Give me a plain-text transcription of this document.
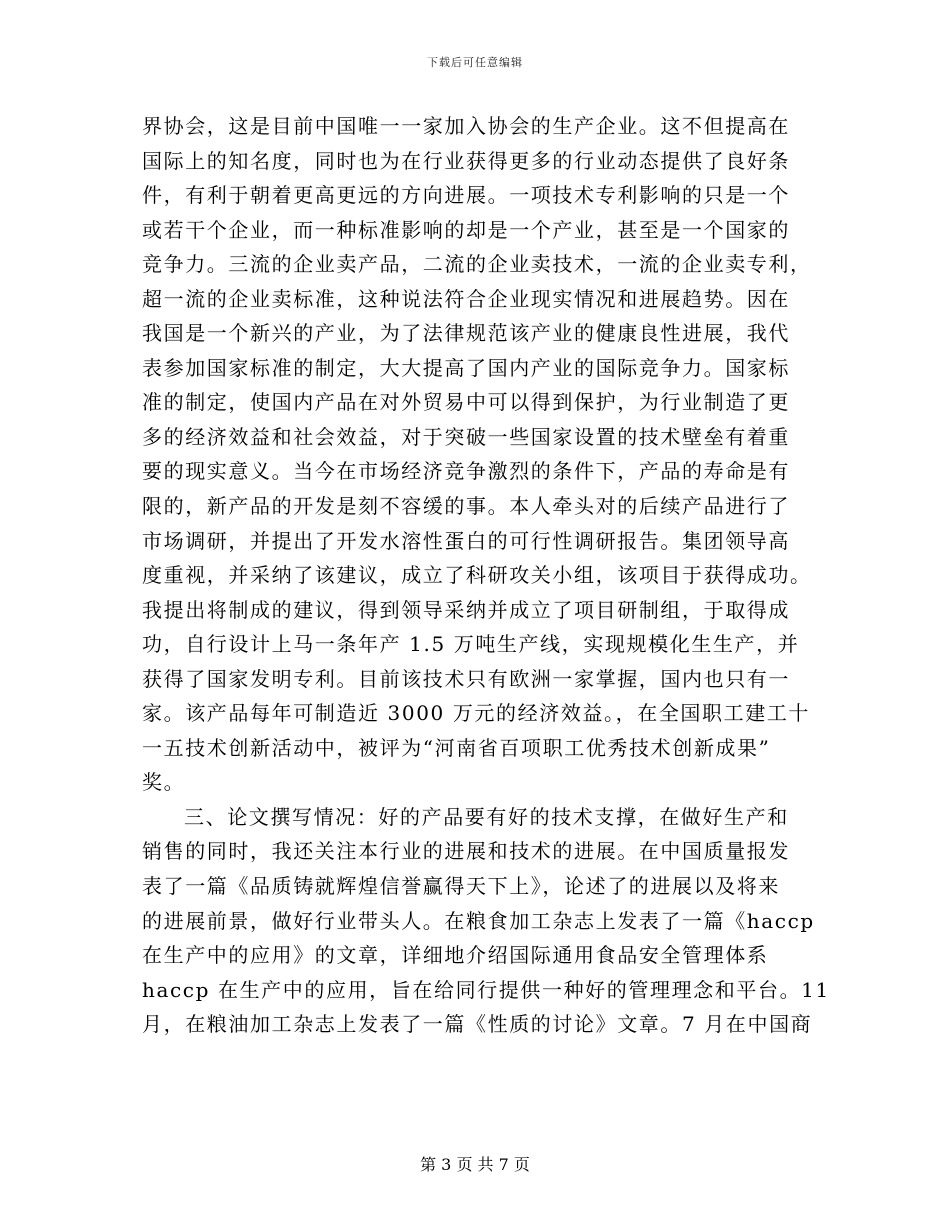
下载后可任意编辑
界协会，这是目前中国唯一一家加入协会的生产企业。这不但提高在
国际上的知名度，同时也为在行业获得更多的行业动态提供了良好条
件，有利于朝着更高更远的方向进展。一项技术专利影响的只是一个
或若干个企业，而一种标准影响的却是一个产业，甚至是一个国家的
竞争力。三流的企业卖产品，二流的企业卖技术，一流的企业卖专利，
超一流的企业卖标准，这种说法符合企业现实情况和进展趋势。因在
我国是一个新兴的产业，为了法律规范该产业的健康良性进展，我代
表参加国家标准的制定，大大提高了国内产业的国际竞争力。国家标
准的制定，使国内产品在对外贸易中可以得到保护，为行业制造了更
多的经济效益和社会效益，对于突破一些国家设置的技术壁垒有着重
要的现实意义。当今在市场经济竞争激烈的条件下，产品的寿命是有
限的，新产品的开发是刻不容缓的事。本人牵头对的后续产品进行了
市场调研，并提出了开发水溶性蛋白的可行性调研报告。集团领导高
度重视，并采纳了该建议，成立了科研攻关小组，该项目于获得成功。
我提出将制成的建议，得到领导采纳并成立了项目研制组，于取得成
功，自行设计上马一条年产 1.5 万吨生产线，实现规模化生生产，并
获得了国家发明专利。目前该技术只有欧洲一家掌握，国内也只有一
家。该产品每年可制造近 3000 万元的经济效益。，在全国职工建工十
一五技术创新活动中，被评为“河南省百项职工优秀技术创新成果”
奖。
三、论文撰写情况：好的产品要有好的技术支撑，在做好生产和
销售的同时，我还关注本行业的进展和技术的进展。在中国质量报发
表了一篇《品质铸就辉煌信誉赢得天下上》，论述了的进展以及将来
的进展前景，做好行业带头人。在粮食加工杂志上发表了一篇《haccp
在生产中的应用》的文章，详细地介绍国际通用食品安全管理体系
haccp 在生产中的应用，旨在给同行提供一种好的管理理念和平台。11
月，在粮油加工杂志上发表了一篇《性质的讨论》文章。7 月在中国商
第 3 页 共 7 页
